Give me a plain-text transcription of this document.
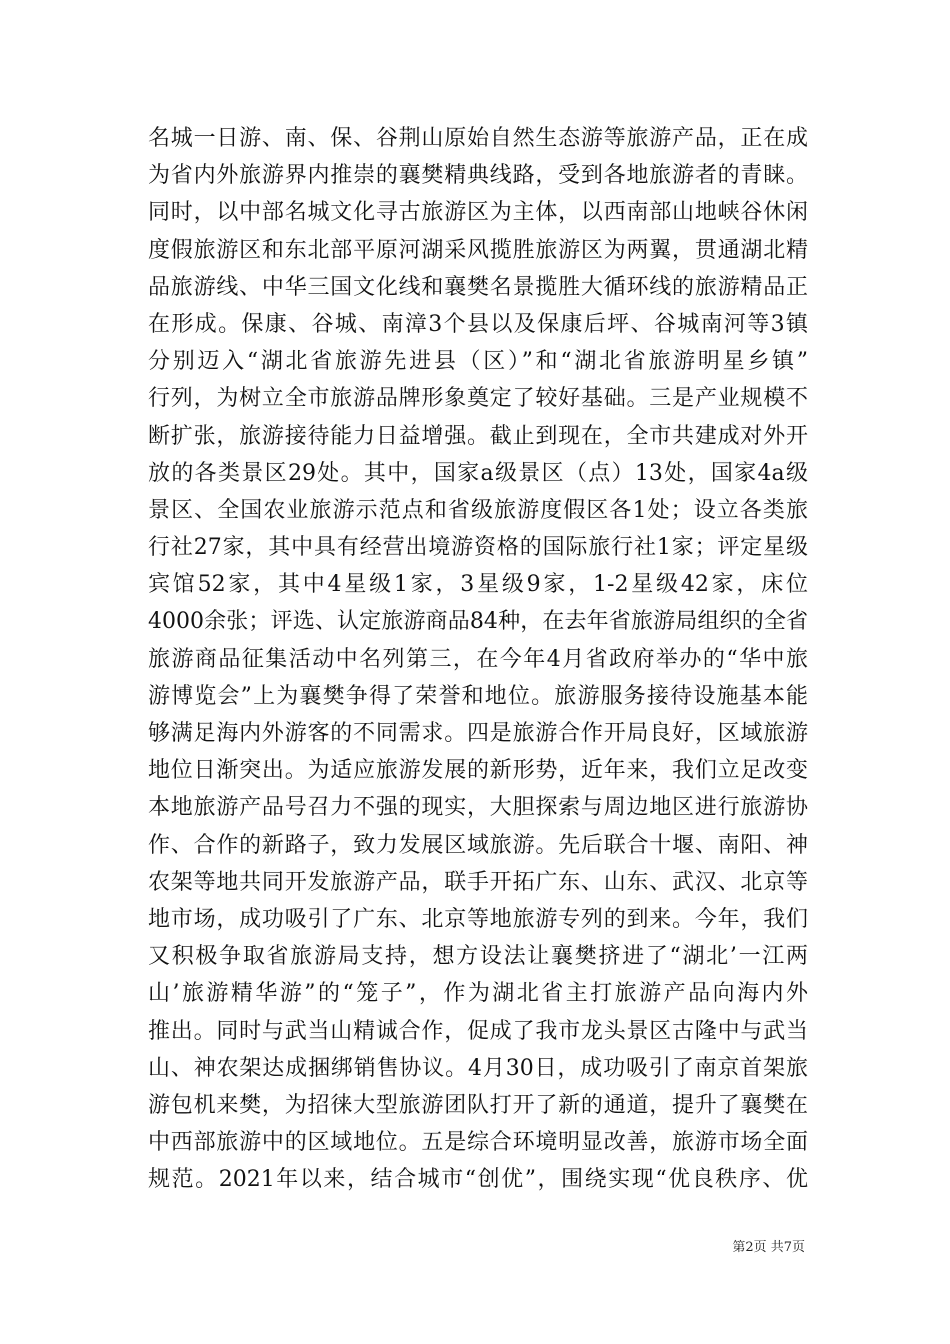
名城一日游、南、保、谷荆山原始自然生态游等旅游产品，正在成
为省内外旅游界内推崇的襄樊精典线路，受到各地旅游者的青睐。
同时，以中部名城文化寻古旅游区为主体，以西南部山地峡谷休闲
度假旅游区和东北部平原河湖采风揽胜旅游区为两翼，贯通湖北精
品旅游线、中华三国文化线和襄樊名景揽胜大循环线的旅游精品正
在形成。保康、谷城、南漳3个县以及保康后坪、谷城南河等3镇
分别迈入“湖北省旅游先进县（区）”和“湖北省旅游明星乡镇”
行列，为树立全市旅游品牌形象奠定了较好基础。三是产业规模不
断扩张，旅游接待能力日益增强。截止到现在，全市共建成对外开
放的各类景区29处。其中，国家a级景区（点）13处，国家4a级
景区、全国农业旅游示范点和省级旅游度假区各1处；设立各类旅
行社27家，其中具有经营出境游资格的国际旅行社1家；评定星级
宾馆52家，其中4星级1家，3星级9家，1-2星级42家，床位
4000余张；评选、认定旅游商品84种，在去年省旅游局组织的全省
旅游商品征集活动中名列第三，在今年4月省政府举办的“华中旅
游博览会”上为襄樊争得了荣誉和地位。旅游服务接待设施基本能
够满足海内外游客的不同需求。四是旅游合作开局良好，区域旅游
地位日渐突出。为适应旅游发展的新形势，近年来，我们立足改变
本地旅游产品号召力不强的现实，大胆探索与周边地区进行旅游协
作、合作的新路子，致力发展区域旅游。先后联合十堰、南阳、神
农架等地共同开发旅游产品，联手开拓广东、山东、武汉、北京等
地市场，成功吸引了广东、北京等地旅游专列的到来。今年，我们
又积极争取省旅游局支持，想方设法让襄樊挤进了“湖北’一江两
山’旅游精华游”的“笼子”，作为湖北省主打旅游产品向海内外
推出。同时与武当山精诚合作，促成了我市龙头景区古隆中与武当
山、神农架达成捆绑销售协议。4月30日，成功吸引了南京首架旅
游包机来樊，为招徕大型旅游团队打开了新的通道，提升了襄樊在
中西部旅游中的区域地位。五是综合环境明显改善，旅游市场全面
规范。2021年以来，结合城市“创优”，围绕实现“优良秩序、优
第2页 共7页
